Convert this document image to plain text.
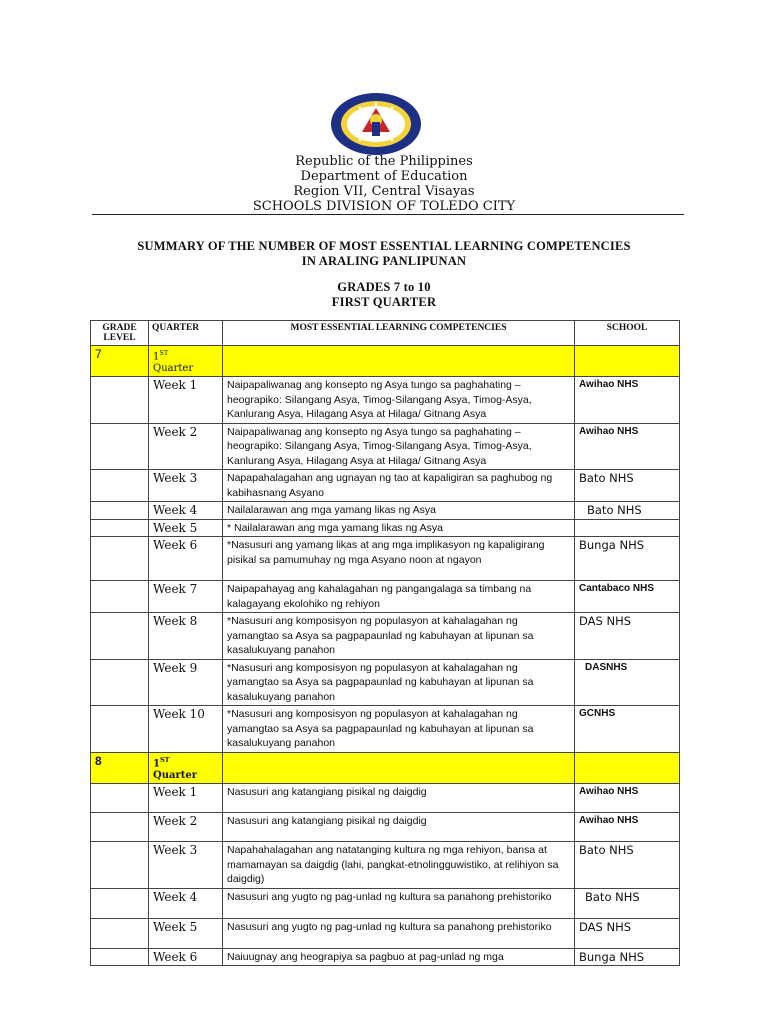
Republic of the Philippines
Department of Education
Region VII, Central Visayas
SCHOOLS DIVISION OF TOLEDO CITY
SUMMARY OF THE NUMBER OF MOST ESSENTIAL LEARNING COMPETENCIES
IN ARALING PANLIPUNAN
GRADES 7 to 10
FIRST QUARTER
GRADE LEVEL	QUARTER	MOST ESSENTIAL LEARNING COMPETENCIES	SCHOOL
7	1ST
Quarter		
	Week 1	Naipapaliwanag ang konsepto ng Asya tungo sa paghahating – heograpiko: Silangang Asya, Timog-Silangang Asya, Timog-Asya, Kanlurang Asya, Hilagang Asya at Hilaga/ Gitnang Asya	Awihao NHS
	Week 2	Naipapaliwanag ang konsepto ng Asya tungo sa paghahating – heograpiko: Silangang Asya, Timog-Silangang Asya, Timog-Asya, Kanlurang Asya, Hilagang Asya at Hilaga/ Gitnang Asya	Awihao NHS
	Week 3	Napapahalagahan ang ugnayan ng tao at kapaligiran sa paghubog ng kabihasnang Asyano	Bato NHS
	Week 4	Nailalarawan ang mga yamang likas ng Asya	Bato NHS
	Week 5	* Nailalarawan ang mga yamang likas ng Asya	
	Week 6	*Nasusuri ang yamang likas at ang mga implikasyon ng kapaligirang pisikal sa pamumuhay ng mga Asyano noon at ngayon	Bunga NHS
	Week 7	Naipapahayag ang kahalagahan ng pangangalaga sa timbang na kalagayang ekolohiko ng rehiyon	Cantabaco NHS
	Week 8	*Nasusuri ang komposisyon ng populasyon at kahalagahan ng yamangtao sa Asya sa pagpapaunlad ng kabuhayan at lipunan sa kasalukuyang panahon	DAS NHS
	Week 9	*Nasusuri ang komposisyon ng populasyon at kahalagahan ng yamangtao sa Asya sa pagpapaunlad ng kabuhayan at lipunan sa kasalukuyang panahon	DASNHS
	Week 10	*Nasusuri ang komposisyon ng populasyon at kahalagahan ng yamangtao sa Asya sa pagpapaunlad ng kabuhayan at lipunan sa kasalukuyang panahon	GCNHS
8	1ST
Quarter		
	Week 1	Nasusuri ang katangiang pisikal ng daigdig	Awihao NHS
	Week 2	Nasusuri ang katangiang pisikal ng daigdig	Awihao NHS
	Week 3	Napahahalagahan ang natatanging kultura ng mga rehiyon, bansa at mamamayan sa daigdig (lahi, pangkat-etnolingguwistiko, at relihiyon sa daigdig)	Bato NHS
	Week 4	Nasusuri ang yugto ng pag-unlad ng kultura sa panahong prehistoriko	Bato NHS
	Week 5	Nasusuri ang yugto ng pag-unlad ng kultura sa panahong prehistoriko	DAS NHS
	Week 6	Naiuugnay ang heograpiya sa pagbuo at pag-unlad ng mga	Bunga NHS
